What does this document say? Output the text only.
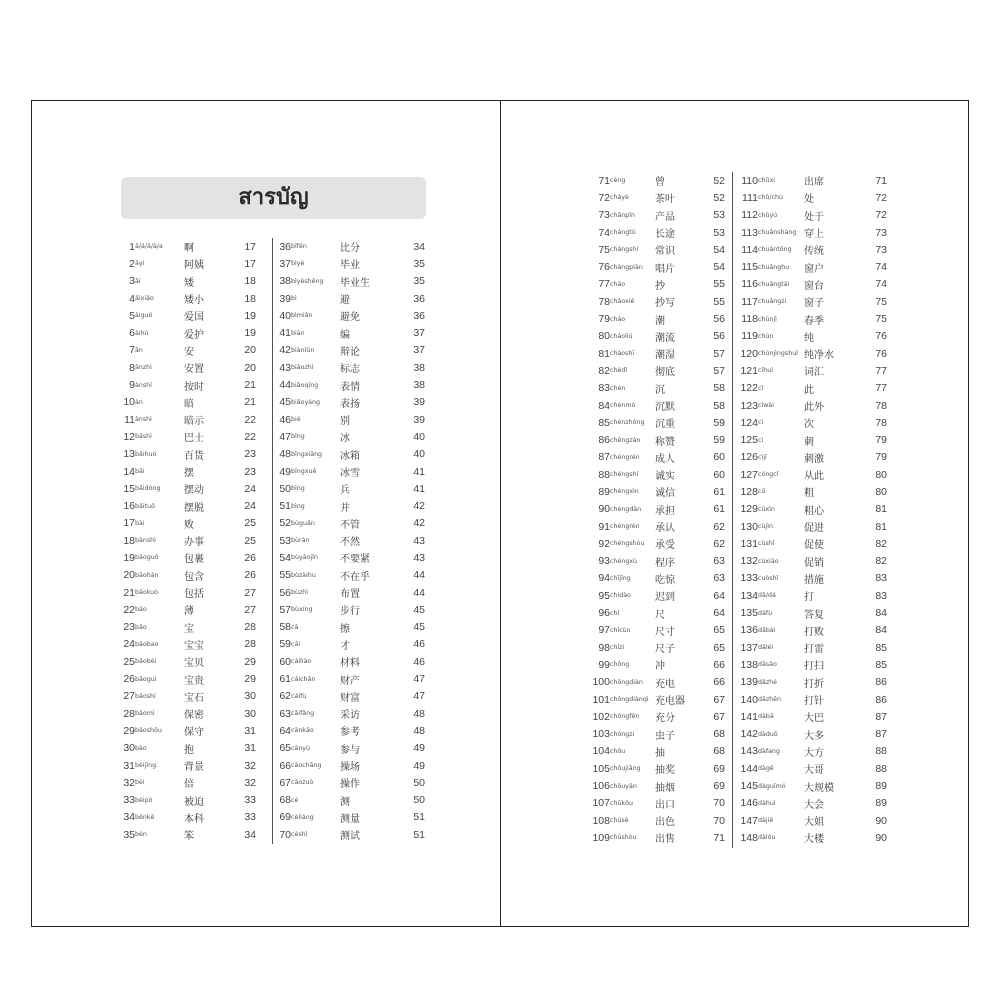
สารบัญ
1 ā/á/ǎ/à/a	啊	17
2 āyí	阿姨	17
3 ǎi	矮	18
4 ǎixiǎo	矮小	18
5 àiguó	爱国	19
6 àihù	爱护	19
7 ān	安	20
8 ānzhì	安置	20
9 ànshí	按时	21
10 àn	暗	21
11 ànshì	暗示	22
12 bāshì	巴士	22
13 bǎihuò	百货	23
14 bǎi	摆	23
15 bǎidòng	摆动	24
16 bǎituō	摆脱	24
17 bài	败	25
18 bànshì	办事	25
19 bāoguǒ	包裹	26
20 bāohán	包含	26
21 bāokuò	包括	27
22 báo	薄	27
23 bǎo	宝	28
24 bǎobao	宝宝	28
25 bǎobèi	宝贝	29
26 bǎoguì	宝贵	29
27 bǎoshí	宝石	30
28 bǎomì	保密	30
29 bǎoshǒu	保守	31
30 bào	抱	31
31 bèijǐng	背景	32
32 bèi	倍	32
33 bèipò	被迫	33
34 běnkē	本科	33
35 bèn	笨	34
36 bǐfēn	比分	34
37 bìyè	毕业	35
38 bìyèshēng	毕业生	35
39 bì	避	36
40 bìmiǎn	避免	36
41 biān	编	37
42 biànlùn	辩论	37
43 biāozhì	标志	38
44 biǎoqíng	表情	38
45 biǎoyáng	表扬	39
46 bié	别	39
47 bīng	冰	40
48 bīngxiāng	冰箱	40
49 bīngxuě	冰雪	41
50 bīng	兵	41
51 bìng	并	42
52 bùguǎn	不管	42
53 bùrán	不然	43
54 bùyàojǐn	不要紧	43
55 bùzàihu	不在乎	44
56 bùzhì	布置	44
57 bùxíng	步行	45
58 cā	擦	45
59 cái	才	46
60 cáiliào	材料	46
61 cáichǎn	财产	47
62 cáifù	财富	47
63 cǎifǎng	采访	48
64 cānkǎo	参考	48
65 cānyù	参与	49
66 cāochǎng	操场	49
67 cāozuò	操作	50
68 cè	测	50
69 cèliáng	测量	51
70 cèshì	测试	51
71 céng	曾	52
72 cháyè	茶叶	52
73 chǎnpǐn	产品	53
74 chángtú	长途	53
75 chángshí	常识	54
76 chàngpiàn	唱片	54
77 chāo	抄	55
78 chāoxiě	抄写	55
79 cháo	潮	56
80 cháoliú	潮流	56
81 cháoshī	潮湿	57
82 chèdǐ	彻底	57
83 chén	沉	58
84 chénmò	沉默	58
85 chénzhòng	沉重	59
86 chēngzàn	称赞	59
87 chéngrén	成人	60
88 chéngshí	诚实	60
89 chéngxìn	诚信	61
90 chéngdān	承担	61
91 chéngrèn	承认	62
92 chéngshòu	承受	62
93 chéngxù	程序	63
94 chījīng	吃惊	63
95 chídào	迟到	64
96 chǐ	尺	64
97 chǐcùn	尺寸	65
98 chǐzi	尺子	65
99 chōng	冲	66
100 chōngdiàn	充电	66
101 chōngdiànqì 充电器	67
102 chōngfēn	充分	67
103 chóngzi	虫子	68
104 chōu	抽	68
105 chōujiǎng	抽奖	69
106 chōuyān	抽烟	69
107 chūkǒu	出口	70
108 chūsè	出色	70
109 chūshòu	出售	71
110 chūxí	出席	71
111 chǔ/chù	处	72
112 chǔyú	处于	72
113 chuānshàng 穿上	73
114 chuántǒng	传统	73
115 chuānghu	窗户	74
116 chuāngtái	窗台	74
117 chuāngzi	窗子	75
118 chūnjì	春季	75
119 chún	纯	76
120 chúnjìngshuǐ 纯净水	76
121 cíhuì	词汇	77
122 cǐ	此	77
123 cǐwài	此外	78
124 cì	次	78
125 cì	刺	79
126 cìjī	刺激	79
127 cóngcǐ	从此	80
128 cū	粗	80
129 cūxīn	粗心	81
130 cùjìn	促进	81
131 cùshǐ	促使	82
132 cùxiāo	促销	82
133 cuòshī	措施	83
134 dǎ/dá	打	83
135 dáfù	答复	84
136 dǎbài	打败	84
137 dǎléi	打雷	85
138 dǎsǎo	打扫	85
139 dǎzhé	打折	86
140 dǎzhēn	打针	86
141 dàbā	大巴	87
142 dàduō	大多	87
143 dàfang	大方	88
144 dàgē	大哥	88
145 dàguīmó	大规模	89
146 dàhuì	大会	89
147 dàjiě	大姐	90
148 dàlóu	大楼	90
